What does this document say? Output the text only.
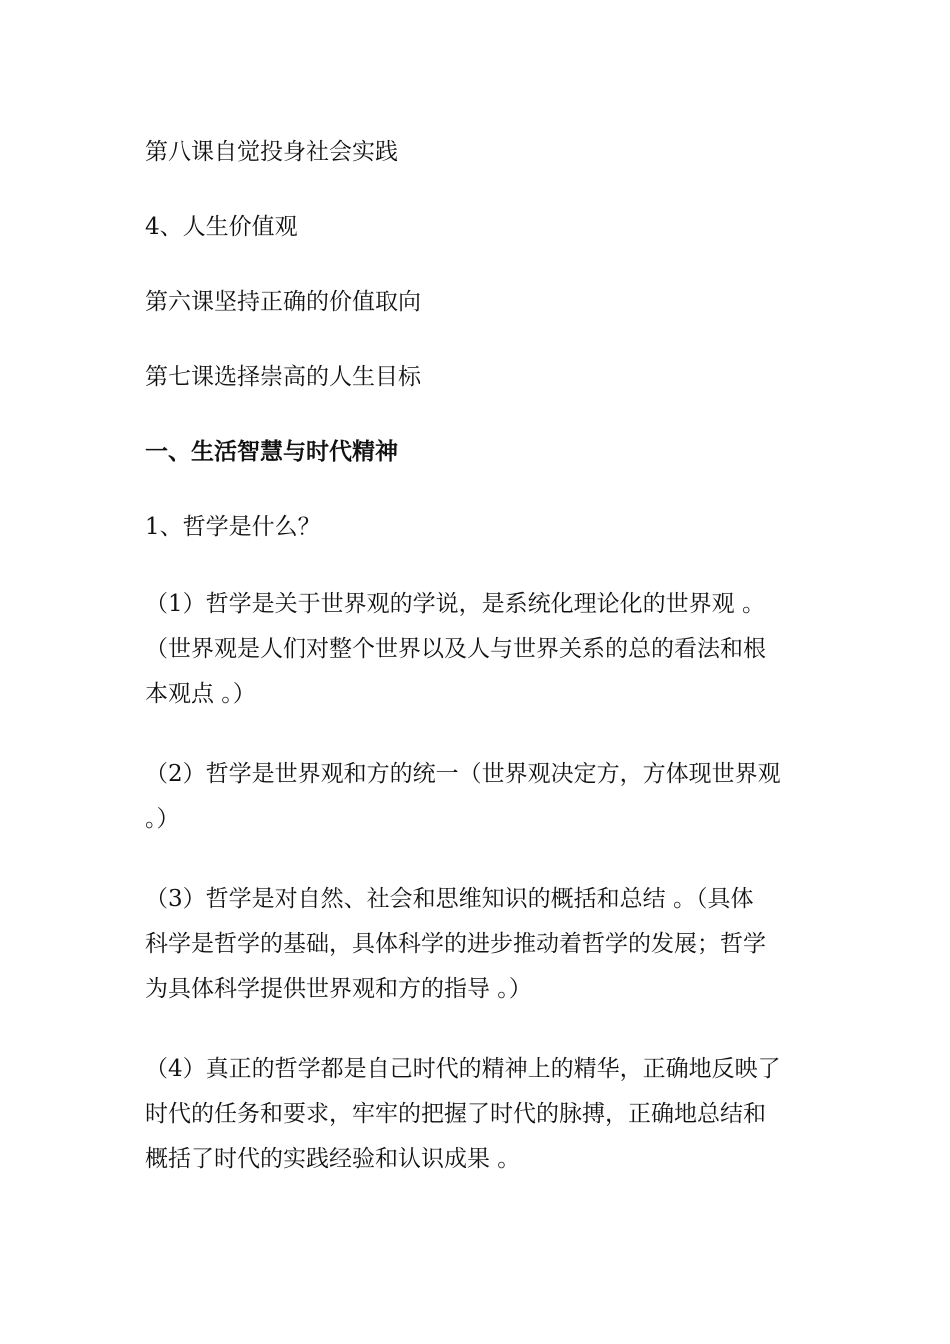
第八课自觉投身社会实践

4、人生价值观

第六课坚持正确的价值取向

第七课选择崇高的人生目标

一、生活智慧与时代精神

1、哲学是什么？

（1）哲学是关于世界观的学说，是系统化理论化的世界观 。
（世界观是人们对整个世界以及人与世界关系的总的看法和根
本观点 。）
（2）哲学是世界观和方的统一（世界观决定方，方体现世界观
。）
（3）哲学是对自然、社会和思维知识的概括和总结 。（具体
科学是哲学的基础，具体科学的进步推动着哲学的发展；哲学
为具体科学提供世界观和方的指导 。）
（4）真正的哲学都是自己时代的精神上的精华，正确地反映了
时代的任务和要求，牢牢的把握了时代的脉搏，正确地总结和
概括了时代的实践经验和认识成果 。
